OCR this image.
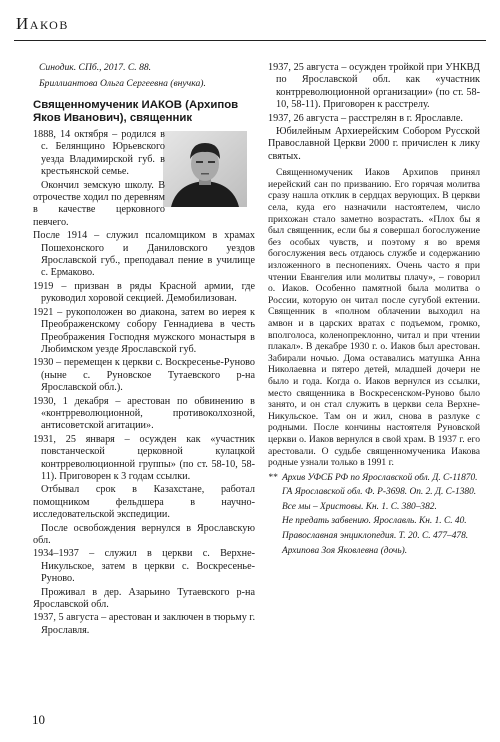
Иаков

Синодик. СПб., 2017. С. 88.

Бриллиантова Ольга Сергеевна (внучка).

Священномученик ИАКОВ (Архипов Яков Иванович), священник

1888, 14 октября – родился в с. Белянщино Юрьевского уезда Владимирской губ. в крестьянской семье.

Окончил земскую школу. В отрочестве ходил по деревням в качестве церковного певчего.

После 1914 – служил псаломщиком в храмах Пошехонского и Даниловского уездов Ярославской губ., преподавал пение в училище с. Ермаково.

1919 – призван в ряды Красной армии, где руководил хоровой секцией. Демобилизован.

1921 – рукоположен во диакона, затем во иерея к Преображенскому собору Геннадиева в честь Преображения Господня мужского монастыря в Любимском уезде Ярославской губ.

1930 – перемещен к церкви с. Воскресенье-Руново (ныне с. Руновское Тутаевского р-на Ярославской обл.).

1930, 1 декабря – арестован по обвинению в «контрреволюционной, противоколхозной, антисоветской агитации».

1931, 25 января – осужден как «участник повстанческой церковной кулацкой контрреволюционной группы» (по ст. 58-10, 58-11). Приговорен к 3 годам ссылки.

Отбывал срок в Казахстане, работал помощником фельдшера в научно-исследовательской экспедиции.

После освобождения вернулся в Ярославскую обл.

1934–1937 – служил в церкви с. Верхне-Никульское, затем в церкви с. Воскресенье-Руново.

Проживал в дер. Азарьино Тутаевского р-на Ярославской обл.

1937, 5 августа – арестован и заключен в тюрьму г. Ярославля.

1937, 25 августа – осужден тройкой при УНКВД по Ярославской обл. как «участник контрреволюционной организации» (по ст. 58-10, 58-11). Приговорен к расстрелу.

1937, 26 августа – расстрелян в г. Ярославле.

Юбилейным Архиерейским Собором Русской Православной Церкви 2000 г. причислен к лику святых.

Священномученик Иаков Архипов принял иерейский сан по призванию. Его горячая молитва сразу нашла отклик в сердцах верующих. В церкви села, куда его назначили настоятелем, число прихожан стало заметно возрастать. «Плох бы я был священник, если бы я совершал богослужение без особых чувств, и поэтому я во время богослужения весь отдаюсь службе и содержанию изложенного в песнопениях. Очень часто я при чтении Евангелия или молитвы плачу», – говорил о. Иаков. Особенно памятной была молитва о России, которую он читал после сугубой ектении. Священник в «полном облачении выходил на амвон и в царских вратах с подъемом, громко, вполголоса, коленопреклонно, читал и при чтении плакал». В декабре 1930 г. о. Иаков был арестован. Забирали ночью. Дома оставались матушка Анна Николаевна и пятеро детей, младшей дочери не было и года. Когда о. Иаков вернулся из ссылки, место священника в Воскресенском-Руново было занято, и он стал служить в церкви села Верхне-Никульское. Там он и жил, снова в разлуке с родными. После кончины настоятеля Руновской церкви о. Иаков вернулся в свой храм. В 1937 г. его арестовали. О судьбе священномученика Иакова родные узнали только в 1991 г.

**  Архив УФСБ РФ по Ярославской обл. Д. С-11870.

ГА Ярославской обл. Ф. Р-3698. Оп. 2. Д. С-1380.

Все мы – Христовы. Кн. 1. С. 380–382.

Не предать забвению. Ярославль. Кн. 1. С. 40.

Православная энциклопедия. Т. 20. С. 477–478.

Архипова Зоя Яковлевна (дочь).

10
